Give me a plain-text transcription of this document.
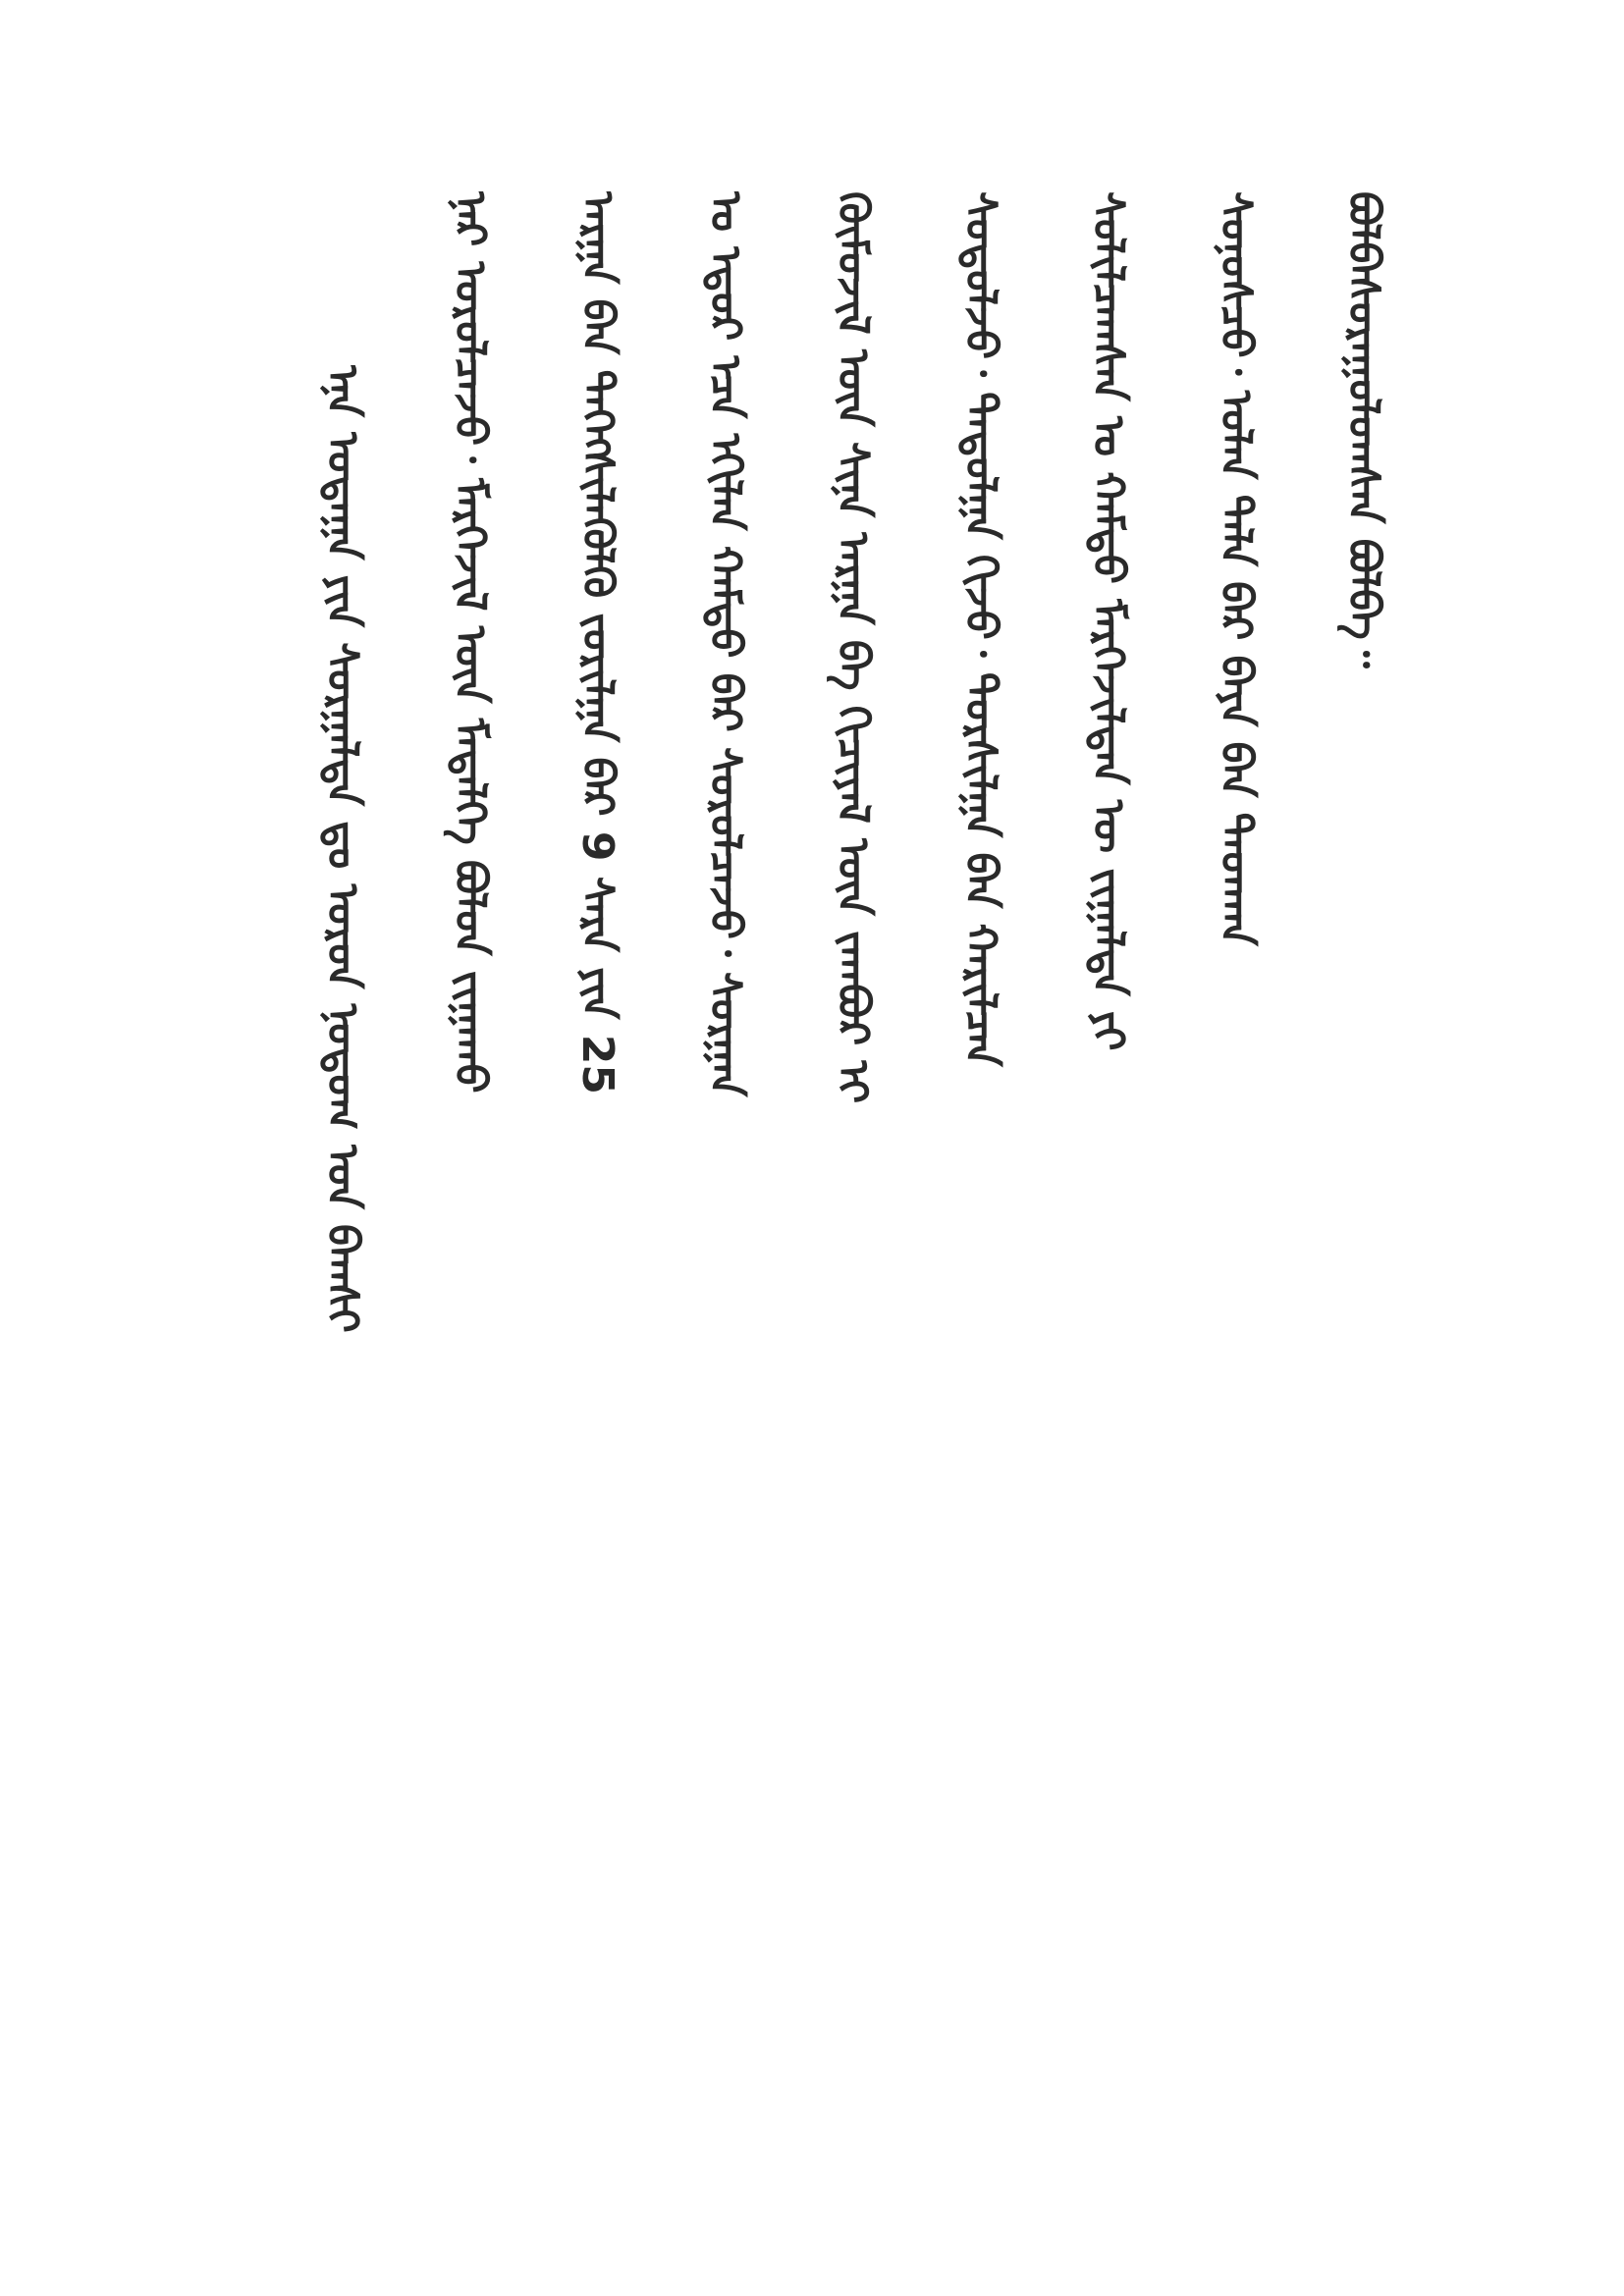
ᠡᠨᠡ ᠤᠳᠠᠭᠠ ᠶᠢᠨ ᠰᠤᠷᠭᠠᠯᠲᠠ ᠳᠤ ᠣᠷᠣᠨ ᠨᠤᠲᠤᠭ ᠤᠨ ᠪᠠᠭᠰᠢ	ᠨᠠᠷ ᠣᠷᠣᠯᠴᠠᠵᠤ᠂ ᠮᠡᠷᠭᠡᠵᠢᠯ ᠦᠨ ᠮᠡᠳᠡᠯᠭᠡ ᠪᠣᠯᠤᠨ ᠵᠢᠭᠠᠬᠤ	ᠠᠷᠭᠠ ᠪᠠᠨ ᠳᠡᠭᠡᠭᠰᠢᠯᠡᠭᠦᠯᠬᠦ ᠵᠣᠷᠢᠯᠭᠠ ᠪᠠᠷ 9 ᠰᠠᠷᠠ ᠶᠢᠨ 25	ᠤ ᠡᠳᠦᠷ ᠡᠴᠡ ᠡᠬᠢᠯᠡᠨ ᠬᠠᠮᠲᠤ ᠪᠡᠷ ᠰᠤᠷᠤᠯᠴᠠᠵᠤ᠂ ᠰᠤᠷᠭᠠᠨ	ᠬᠦᠮᠦᠵᠢᠯ ᠦᠨ ᠰᠢᠨᠡ ᠠᠷᠭᠠ ᠪᠠ ᠬᠢᠴᠢᠶᠡᠯ ᠦᠨ ᠵᠠᠭᠪᠤᠷ ᠢ	ᠰᠤᠳᠤᠯᠵᠤ᠂ ᠳᠠᠳᠤᠯᠭᠠ ᠬᠢᠵᠦ᠂ ᠲᠤᠷᠰᠢᠯᠭᠠ ᠪᠠᠨ ᠬᠠᠷᠢᠯᠴᠠᠨ	ᠰᠣᠯᠢᠯᠴᠠᠭᠰᠠᠨ ᠤ ᠬᠠᠮᠲᠤ ᠮᠡᠷᠭᠡᠵᠢᠯᠲᠡᠨ ᠦ ᠵᠢᠭᠠᠯᠲᠠ ᠶᠢ	ᠰᠣᠨᠣᠰᠴᠤ᠂ ᠣᠯᠠᠨ ᠲᠠᠯᠠ ᠪᠠᠷ ᠪᠡᠶᠡ ᠪᠡᠨ ᠳᠠᠳᠬᠠᠨ	ᠪᠣᠯᠪᠠᠰᠤᠷᠠᠭᠤᠯᠤᠭᠰᠠᠨ ᠪᠣᠯᠪᠠ᠃
